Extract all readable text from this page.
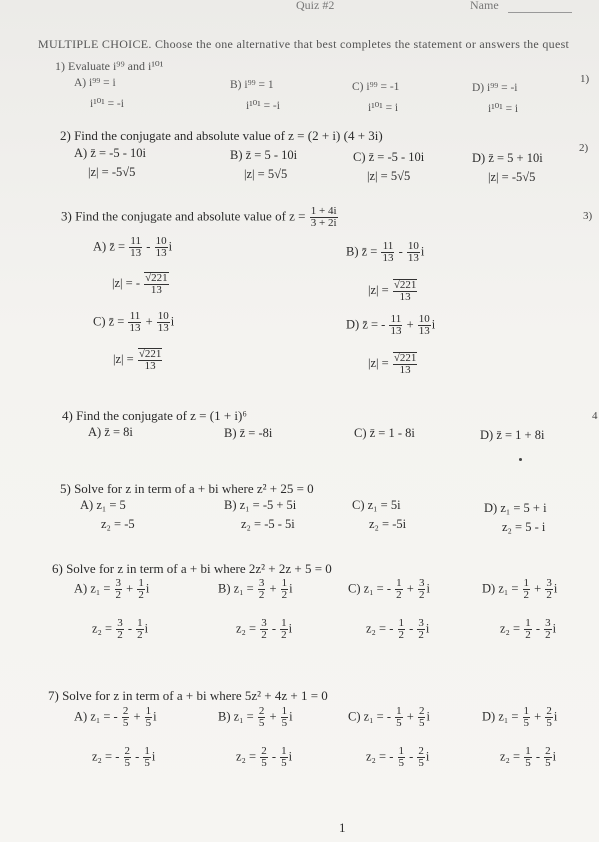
Quiz #2	Name
MULTIPLE CHOICE. Choose the one alternative that best completes the statement or answers the quest
1) Evaluate i⁹⁹ and i¹⁰¹
1)
A) i⁹⁹ = i
i¹⁰¹ = -i
B) i⁹⁹ = 1
i¹⁰¹ = -i
C) i⁹⁹ = -1
i¹⁰¹ = i
D) i⁹⁹ = -i
i¹⁰¹ = i
2) Find the conjugate and absolute value of z = (2 + i) (4 + 3i)
2)
A) z̄ = -5 - 10i
|z| = -5√5
B) z̄ = 5 - 10i
|z| = 5√5
C) z̄ = -5 - 10i
|z| = 5√5
D) z̄ = 5 + 10i
|z| = -5√5
3) Find the conjugate and absolute value of $z = \frac{1 + 4i}{3 + 2i}$	3)
A) z̄ = $\frac{11}{13} - \frac{10}{13}$ i
|z| = - $\frac{√221}{13}$
B) z̄ = $\frac{11}{13} - \frac{10}{13}$ i
$|z| = \frac{√221}{13}$
C) z̄ = $\frac{11}{13} + \frac{10}{13}$ i
$|z| = \frac{√221}{13}$
D) z̄ = - $\frac{11}{13} + \frac{10}{13}$ i
$|z| = \frac{√221}{13}$
4) Find the conjugate of z = (1 + i)⁶	4
A) z̄ = 8i	B) z̄ = -8i	C) z̄ = 1 - 8i	D) z̄ = 1 + 8i
5) Solve for z in term of a + bi where z² + 25 = 0
A) z₁ = 5
z₂ = -5
B) z₁ = -5 + 5i
z₂ = -5 - 5i
C) z₁ = 5i
z₂ = -5i
D) z₁ = 5 + i
z₂ = 5 - i
6) Solve for z in term of a + bi where 2z² + 2z + 5 = 0
A) $z_1 = \frac{3}{2} + \frac{1}{2}$ i
$z_2 = \frac{3}{2} - \frac{1}{2}$ i
B) $z_1 = \frac{3}{2} + \frac{1}{2}$ i
$z_2 = \frac{3}{2} - \frac{1}{2}$ i
C) z₁ = - $\frac{1}{2} + \frac{3}{2}$ i
z₂ = - $\frac{1}{2} - \frac{3}{2}$ i
D) $z_1 = \frac{1}{2} + \frac{3}{2}$ i
$z_2 = \frac{1}{2} - \frac{3}{2}$ i
7) Solve for z in term of a + bi where 5z² + 4z + 1 = 0
A) z₁ = - $\frac{2}{5} + \frac{1}{5}$ i
z₂ = - $\frac{2}{5} - \frac{1}{5}$ i
B) $z_1 = \frac{2}{5} + \frac{1}{5}$ i
$z_2 = \frac{2}{5} - \frac{1}{5}$ i
C) z₁ = - $\frac{1}{5} + \frac{2}{5}$ i
z₂ = - $\frac{1}{5} - \frac{2}{5}$ i
D) $z_1 = \frac{1}{5} + \frac{2}{5}$ i
$z_2 = \frac{1}{5} - \frac{2}{5}$ i
1
